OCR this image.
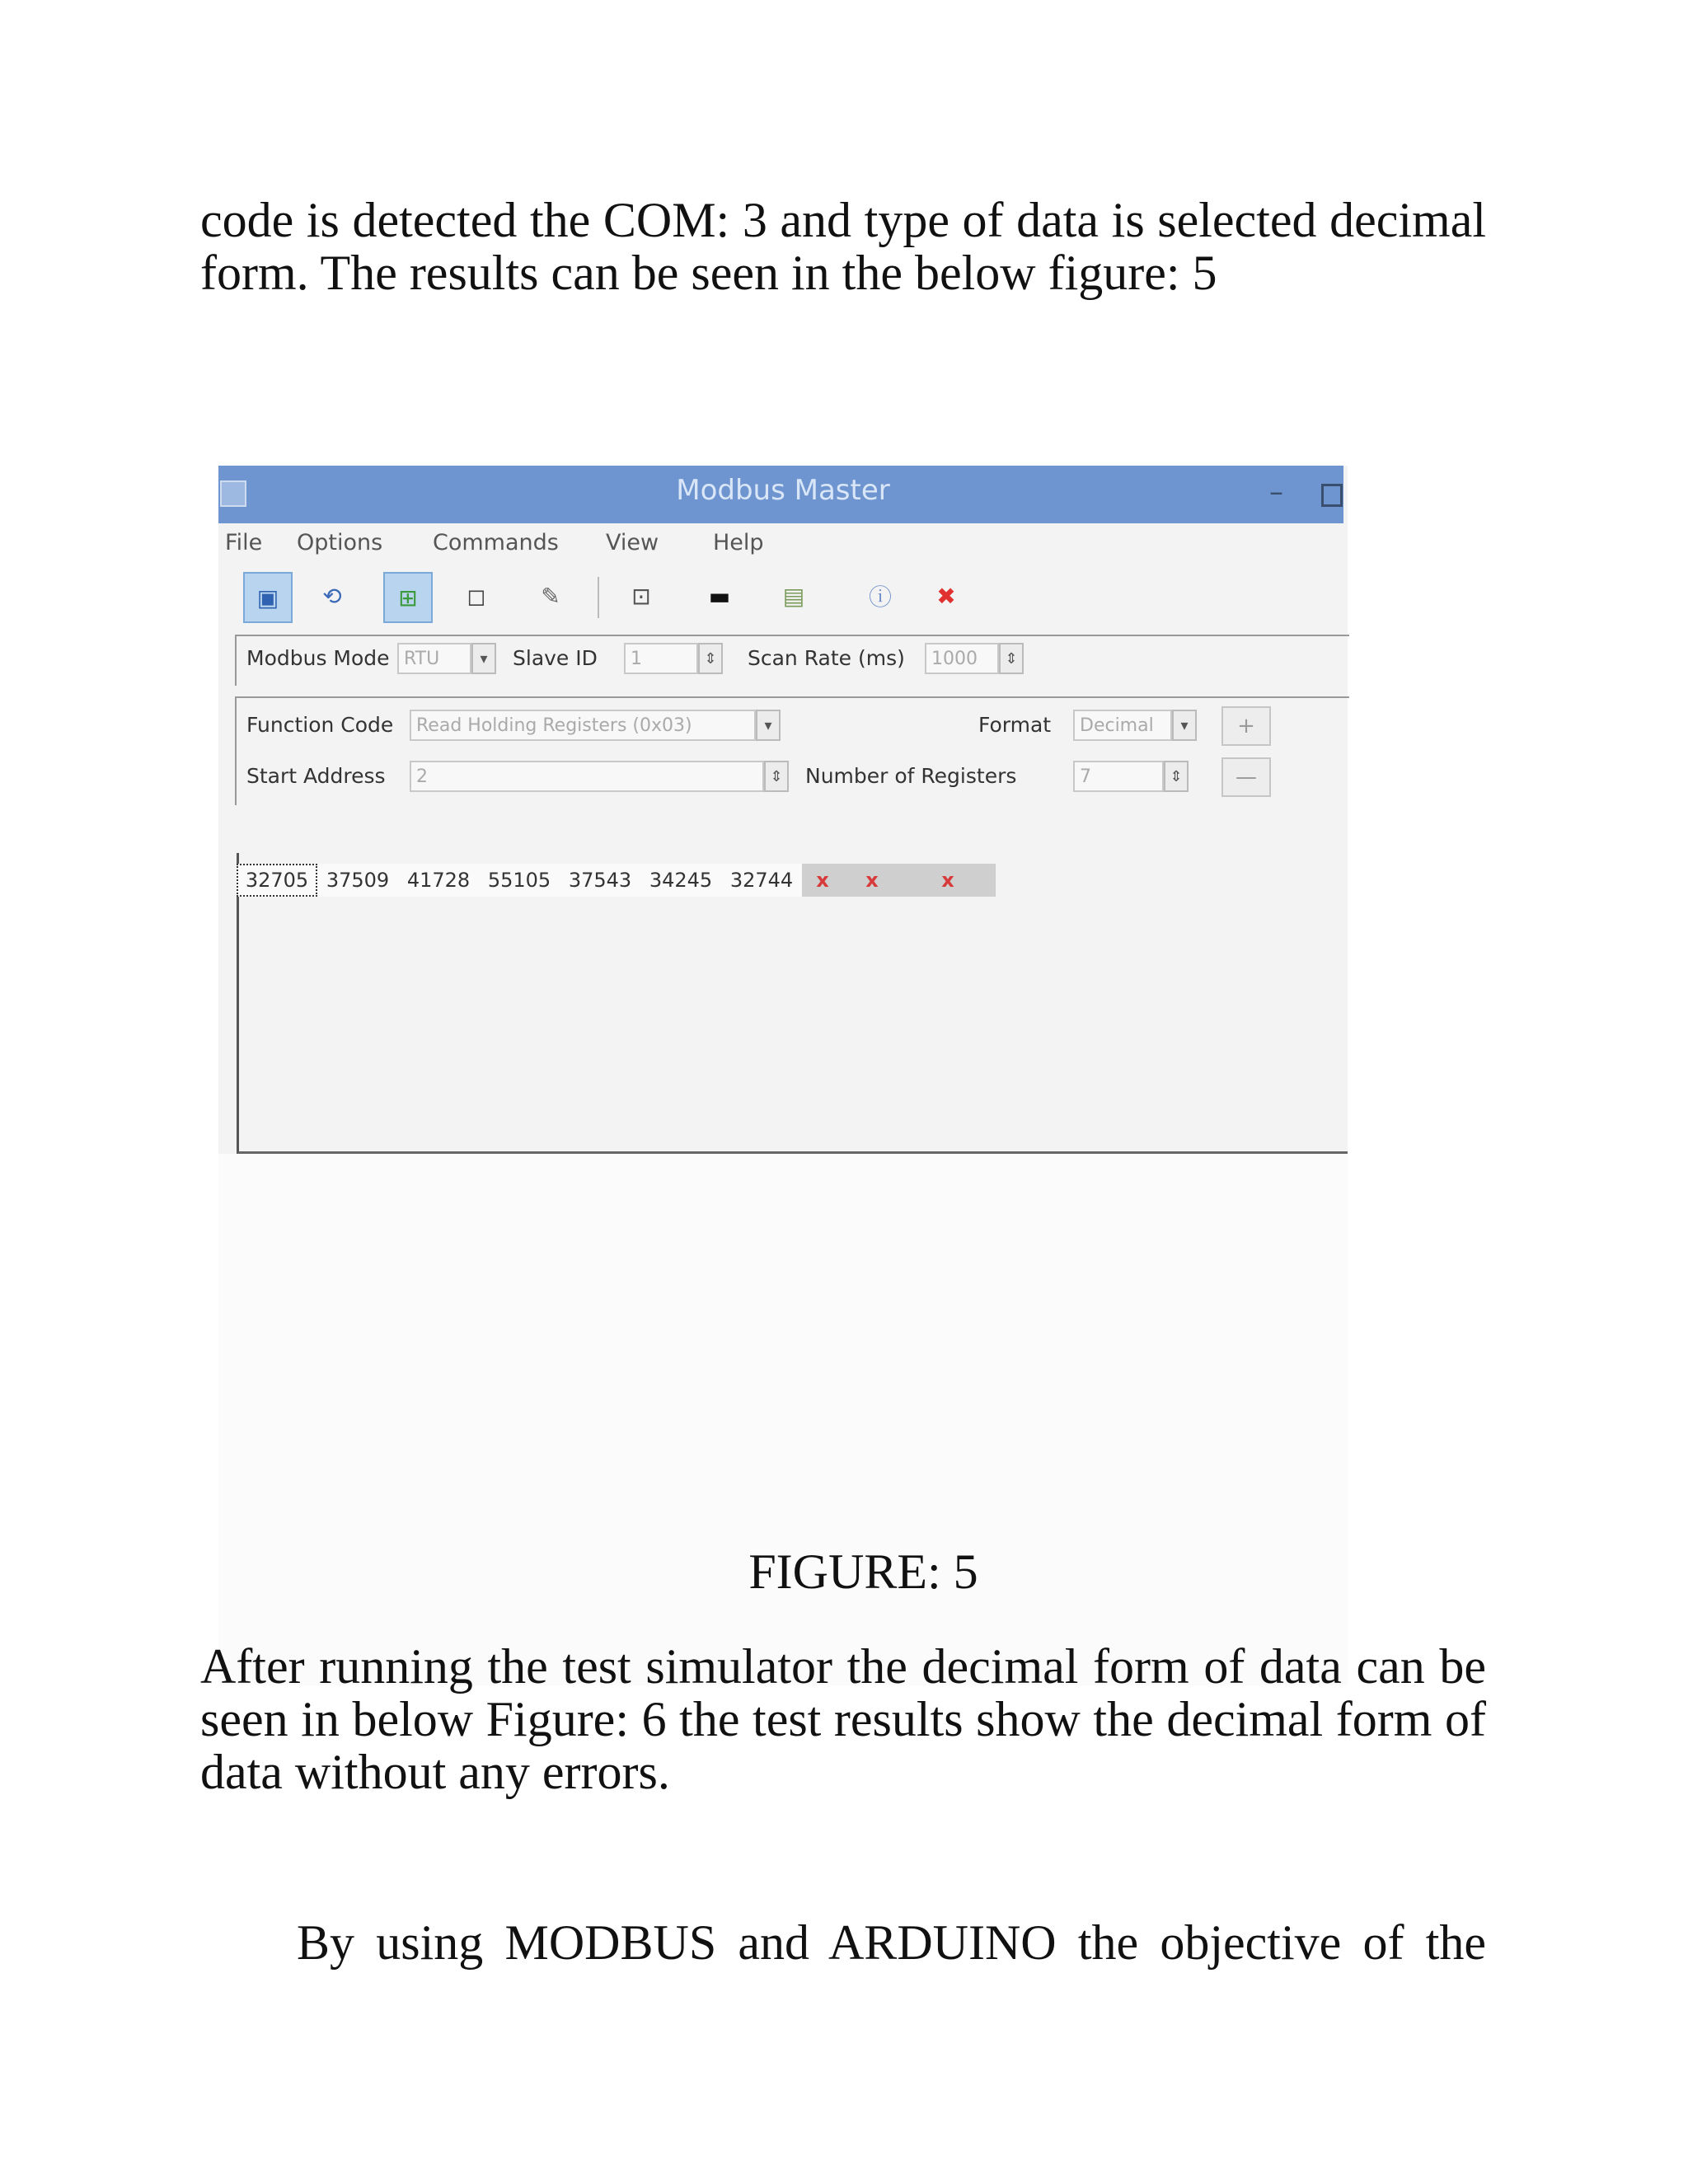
code is detected the COM: 3 and type of data is selected decimal
form. The results can be seen in the below figure: 5

Modbus Master	–
File Options Commands View Help
▣	⟲	⊞	◻	✎	⊡	▬	▤	ⓘ	✖
Modbus Mode RTU	▾	Slave ID	1	⇕ Scan Rate (ms)	1000	⇕
Function Code	Read Holding Registers (0x03)	▾	Format	Decimal	▾	+
Start Address	2	⇕ Number of Registers	7	⇕	—
32705 37509 41728 55105 37543 34245 32744	x	x	x
FIGURE: 5

After running the test simulator the decimal form of data can be
seen in below Figure: 6 the test results show the decimal form of
data without any errors.

By using MODBUS and ARDUINO the objective of the
